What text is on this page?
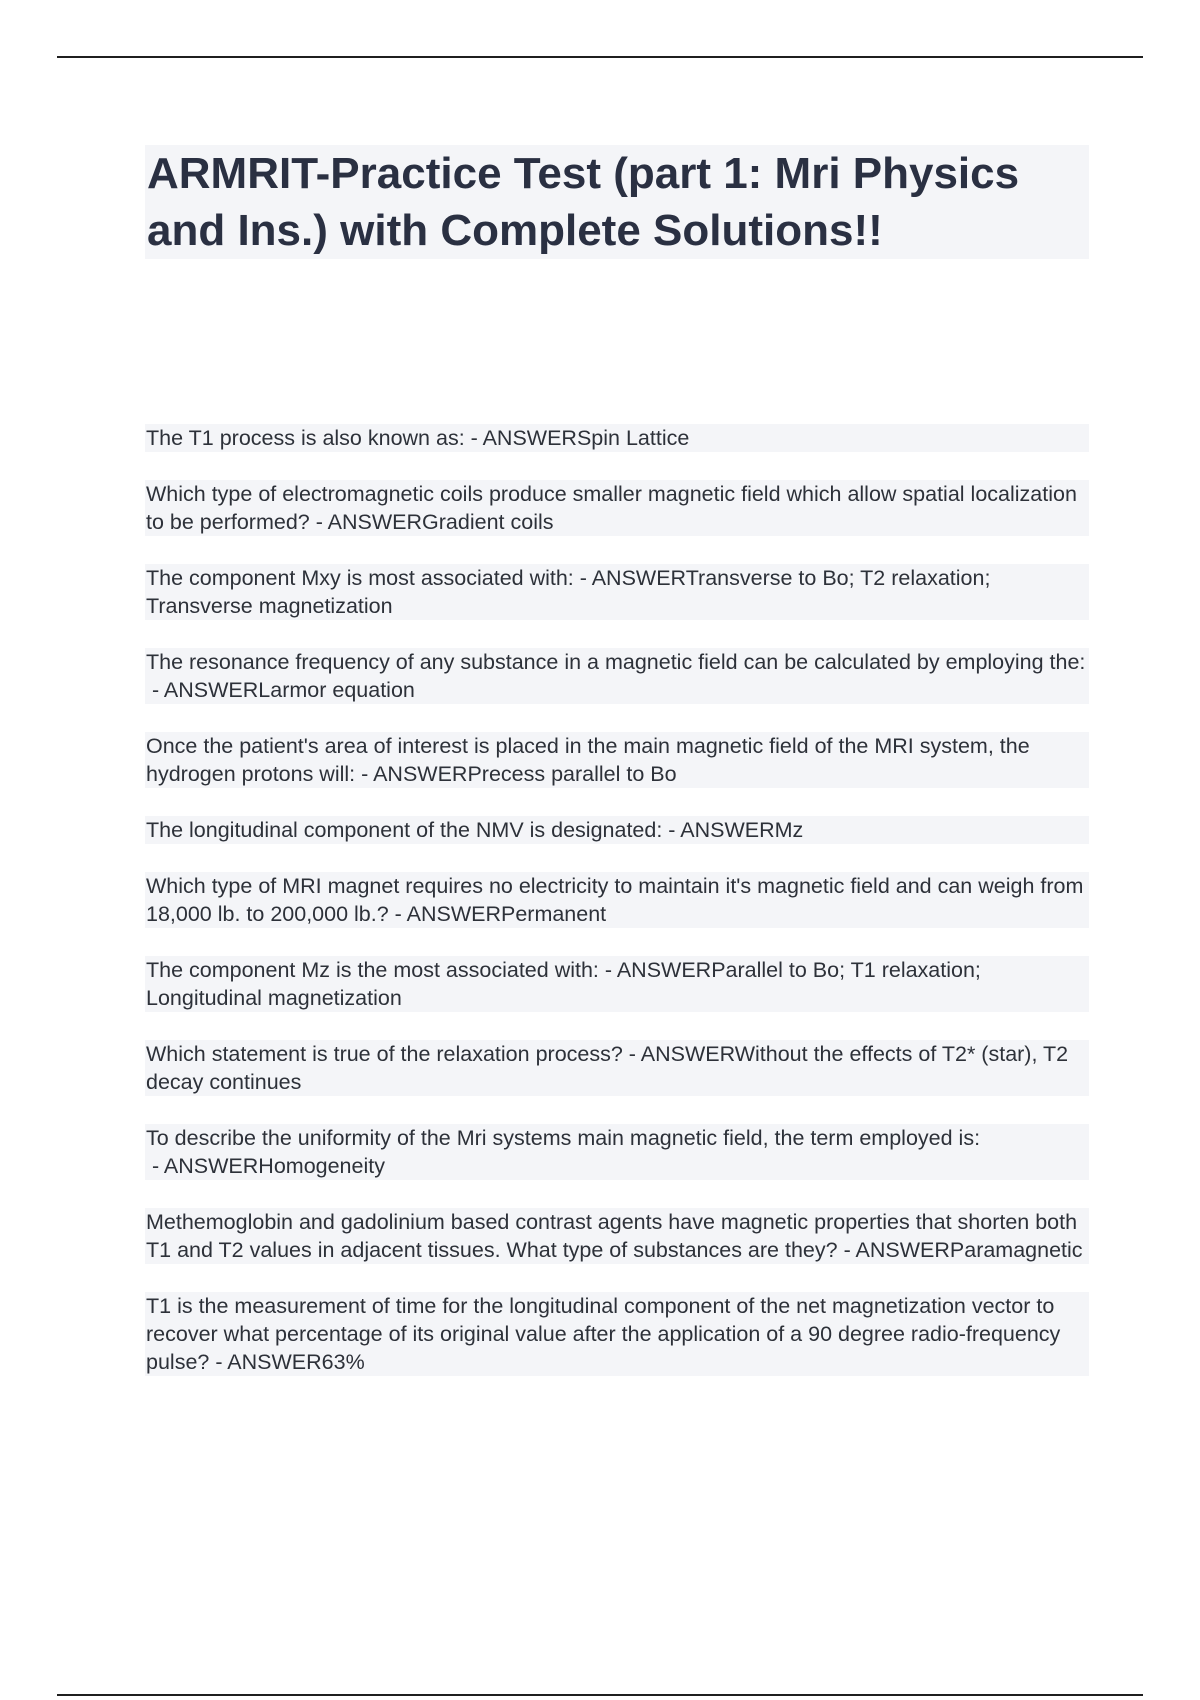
ARMRIT-Practice Test (part 1: Mri Physics and Ins.) with Complete Solutions!!

The T1 process is also known as: - ANSWERSpin Lattice

Which type of electromagnetic coils produce smaller magnetic field which allow spatial localization to be performed? - ANSWERGradient coils

The component Mxy is most associated with: - ANSWERTransverse to Bo; T2 relaxation; Transverse magnetization

The resonance frequency of any substance in a magnetic field can be calculated by employing the: - ANSWERLarmor equation

Once the patient's area of interest is placed in the main magnetic field of the MRI system, the hydrogen protons will: - ANSWERPrecess parallel to Bo

The longitudinal component of the NMV is designated: - ANSWERMz

Which type of MRI magnet requires no electricity to maintain it's magnetic field and can weigh from 18,000 lb. to 200,000 lb.? - ANSWERPermanent

The component Mz is the most associated with: - ANSWERParallel to Bo; T1 relaxation; Longitudinal magnetization

Which statement is true of the relaxation process? - ANSWERWithout the effects of T2* (star), T2 decay continues

To describe the uniformity of the Mri systems main magnetic field, the term employed is: - ANSWERHomogeneity

Methemoglobin and gadolinium based contrast agents have magnetic properties that shorten both T1 and T2 values in adjacent tissues. What type of substances are they? - ANSWERParamagnetic

T1 is the measurement of time for the longitudinal component of the net magnetization vector to recover what percentage of its original value after the application of a 90 degree radio-frequency pulse? - ANSWER63%
